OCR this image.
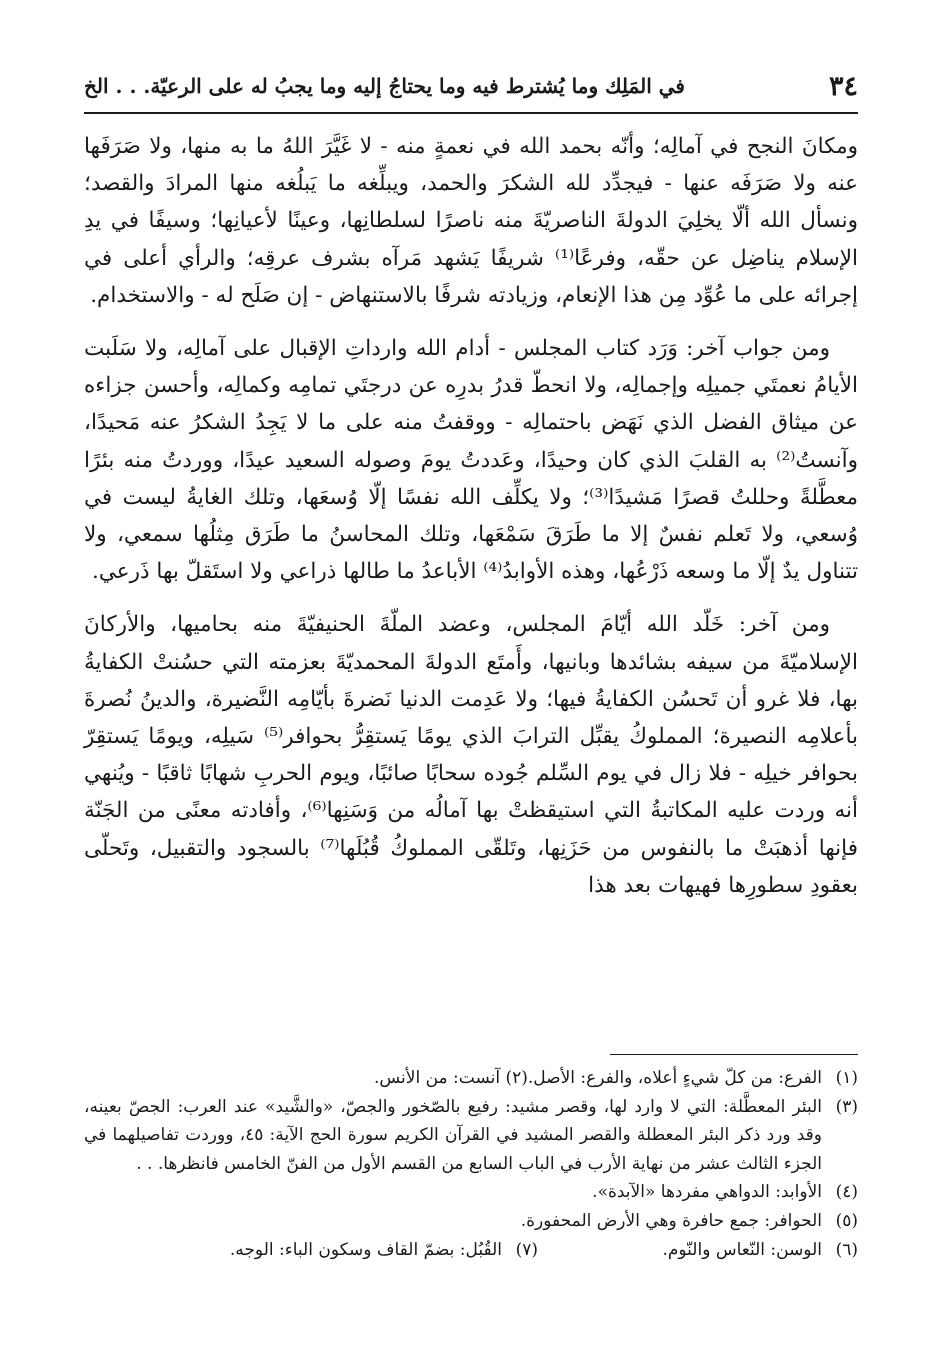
٣٤
في المَلِك وما يُشترط فيه وما يحتاجُ إليه وما يجبُ له على الرعيّة. . . الخ

ومكانَ النجح في آمالِه؛ وأنّه بحمد الله في نعمةٍ منه - لا غَيَّرَ اللهُ ما به منها، ولا صَرَفَها عنه ولا صَرَفَه عنها - فيجدِّد لله الشكرَ والحمد، ويبلِّغه ما يَبلُغه منها المرادَ والقصد؛ ونسأل الله ألّا يخلِيَ الدولةَ الناصريّةَ منه ناصرًا لسلطانِها، وعينًا لأعيانِها؛ وسيفًا في يدِ الإسلام يناضِل عن حقّه، وفرعًا⁽¹⁾ شريفًا يَشهد مَرآه بشرف عرقِه؛ والرأي أعلى في إجرائه على ما عُوِّد مِن هذا الإنعام، وزيادته شرفًا بالاستنهاض - إن صَلَح له - والاستخدام.

ومن جواب آخر: وَرَد كتاب المجلس - أدام الله وارداتِ الإقبال على آمالِه، ولا سَلَبت الأيامُ نعمتَي جميلِه وإجمالِه، ولا انحطّ قدرُ بدرِه عن درجتَي تمامِه وكمالِه، وأحسن جزاءه عن ميثاق الفضل الذي نَهَض باحتمالِه - ووقفتُ منه على ما لا يَجِدُ الشكرُ عنه مَحيدًا، وآنستُ⁽²⁾ به القلبَ الذي كان وحيدًا، وعَددتُ يومَ وصوله السعيد عيدًا، ووردتُ منه بئرًا معطَّلةً وحللتُ قصرًا مَشيدًا⁽³⁾؛ ولا يكلِّف الله نفسًا إلّا وُسعَها، وتلك الغايةُ ليست في وُسعي، ولا تَعلم نفسٌ إلا ما طَرَقَ سَمْعَها، وتلك المحاسنُ ما طَرَق مِثلُها سمعي، ولا تتناول يدٌ إلّا ما وسعه ذَرْعُها، وهذه الأوابدُ⁽⁴⁾ الأباعدُ ما طالها ذراعي ولا استَقلّ بها ذَرعي.

ومن آخر: خَلّد الله أيّامَ المجلس، وعضد الملّةَ الحنيفيّةَ منه بحاميها، والأركانَ الإسلاميّةَ من سيفه بشائدها وبانيها، وأَمتَع الدولةَ المحمديّةَ بعزمته التي حسُنتْ الكفايةُ بها، فلا غرو أن تَحسُن الكفايةُ فيها؛ ولا عَدِمت الدنيا نَضرةَ بأيّامِه النَّضيرة، والدينُ نُصرةَ بأعلامِه النصيرة؛ المملوكُ يقبِّل الترابَ الذي يومًا يَستقِرُّ بحوافر⁽⁵⁾ سَيلِه، ويومًا يَستقِرّ بحوافر خيلِه - فلا زال في يوم السِّلم جُوده سحابًا صائبًا، ويوم الحربِ شهابًا ثاقبًا - ويُنهي أنه وردت عليه المكاتبةُ التي استيقظتْ بها آمالُه من وَسَنِها⁽⁶⁾، وأفادته معنًى من الجَنّة فإنها أذهبَتْ ما بالنفوس من حَزَنِها، وتَلقّى المملوكُ قُبُلَها⁽⁷⁾ بالسجود والتقبيل، وتَحلّى بعقودِ سطورِها فهيهات بعد هذا

(١)
الفرع: من كلّ شيءٍ أعلاه، والفرع: الأصل.(٢) آنست: من الأنس.
(٣)
البئر المعطَّلة: التي لا وارد لها، وقصر مشيد: رفيع بالصّخور والجصّ، «والشَّيد» عند العرب: الجصّ بعينه، وقد ورد ذكر البئر المعطلة والقصر المشيد في القرآن الكريم سورة الحج الآية: ٤٥، ووردت تفاصيلهما في الجزء الثالث عشر من نهاية الأرب في الباب السابع من القسم الأول من الفنّ الخامس فانظرها. . .
(٤)
الأوابد: الدواهي مفردها «الآبدة».
(٥)
الحوافر: جمع حافرة وهي الأرض المحفورة.
(٦)
الوسن: النّعاس والنّوم.
(٧)
القُبُل: بضمّ القاف وسكون الباء: الوجه.
